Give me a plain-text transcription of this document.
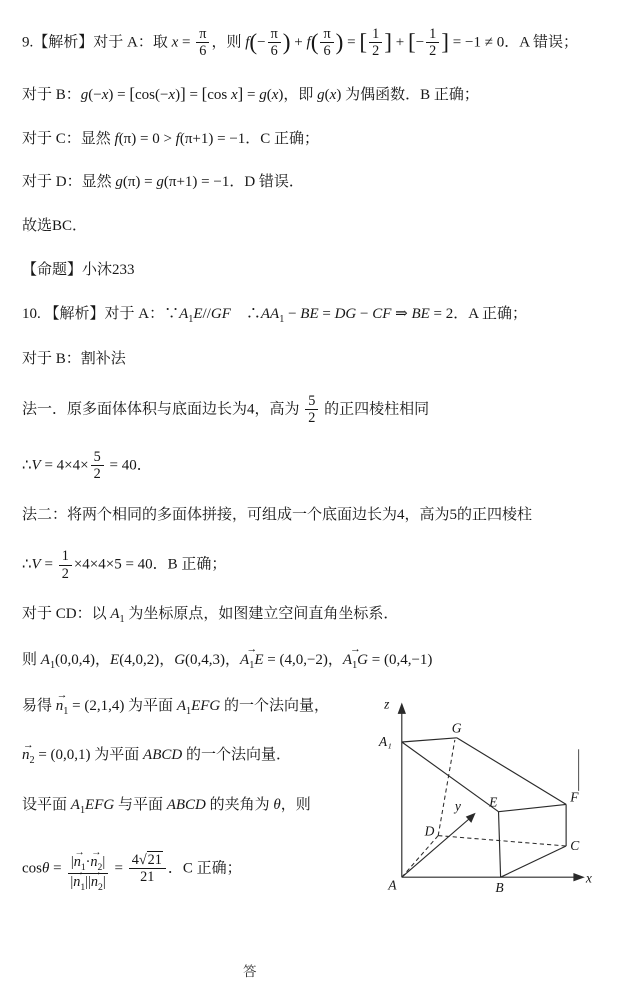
9.【解析】对于 A：取 $x = \frac{\pi}{6}$ ，则 $f(- \frac{\pi}{6}$ ) + $f( \frac{\pi}{6}$ ) = [ $\frac{1}{2}$ ] + [− $\frac{1}{2}$ ] = −1 ≠ 0．A 错误；
对于 B：g(−x) = [cos(−x)] = [cos x] = g(x)，即 g(x) 为偶函数．B 正确；
对于 C：显然 f(π) = 0 > f(π+1) = −1．C 正确；
对于 D：显然 g(π) = g(π+1) = −1．D 错误．
故选BC．
【命题】小沐233
10. 【解析】对于 A：$\because A_1E//GF$　$\therefore AA_1$ − BE = DG − CF ⇒ BE = 2．A 正确；
对于 B：割补法
法一．原多面体体积与底面边长为4，高为 $\frac{5}{2}$ 的正四棱柱相同
∴V = $4\times 4\times \frac{5}{2} = 40$．
法二：将两个相同的多面体拼接，可组成一个底面边长为4，高为5的正四棱柱
∴V = $\frac{1}{2} \times 4\times 4\times 5 = 40$．B 正确；
对于 CD：以 $A_1$ 为坐标原点，如图建立空间直角坐标系．
则 $A_1(0,0,4)$，E(4,0,2)，G(0,4,3)，→ $A_1E = (4,0,-2)$，→ $A_1G = (0,4,-1)$
易得 → $n_1 = (2,1,4)$ 为平面 $A_1EFG$ 的一个法向量，
→ $n_2 = (0,0,1)$ 为平面 ABCD 的一个法向量．
设平面 $A_1EFG$ 与平面 ABCD 的夹角为 θ，则
$\cos\theta = \frac{|\to n_1\cdot\to n_2|}{|\to n_1||\to n_2|} = \frac{4√21}{21}$ ．C 正确；
z
y
x
A₁
G
E	F
D
A	B
C
答
